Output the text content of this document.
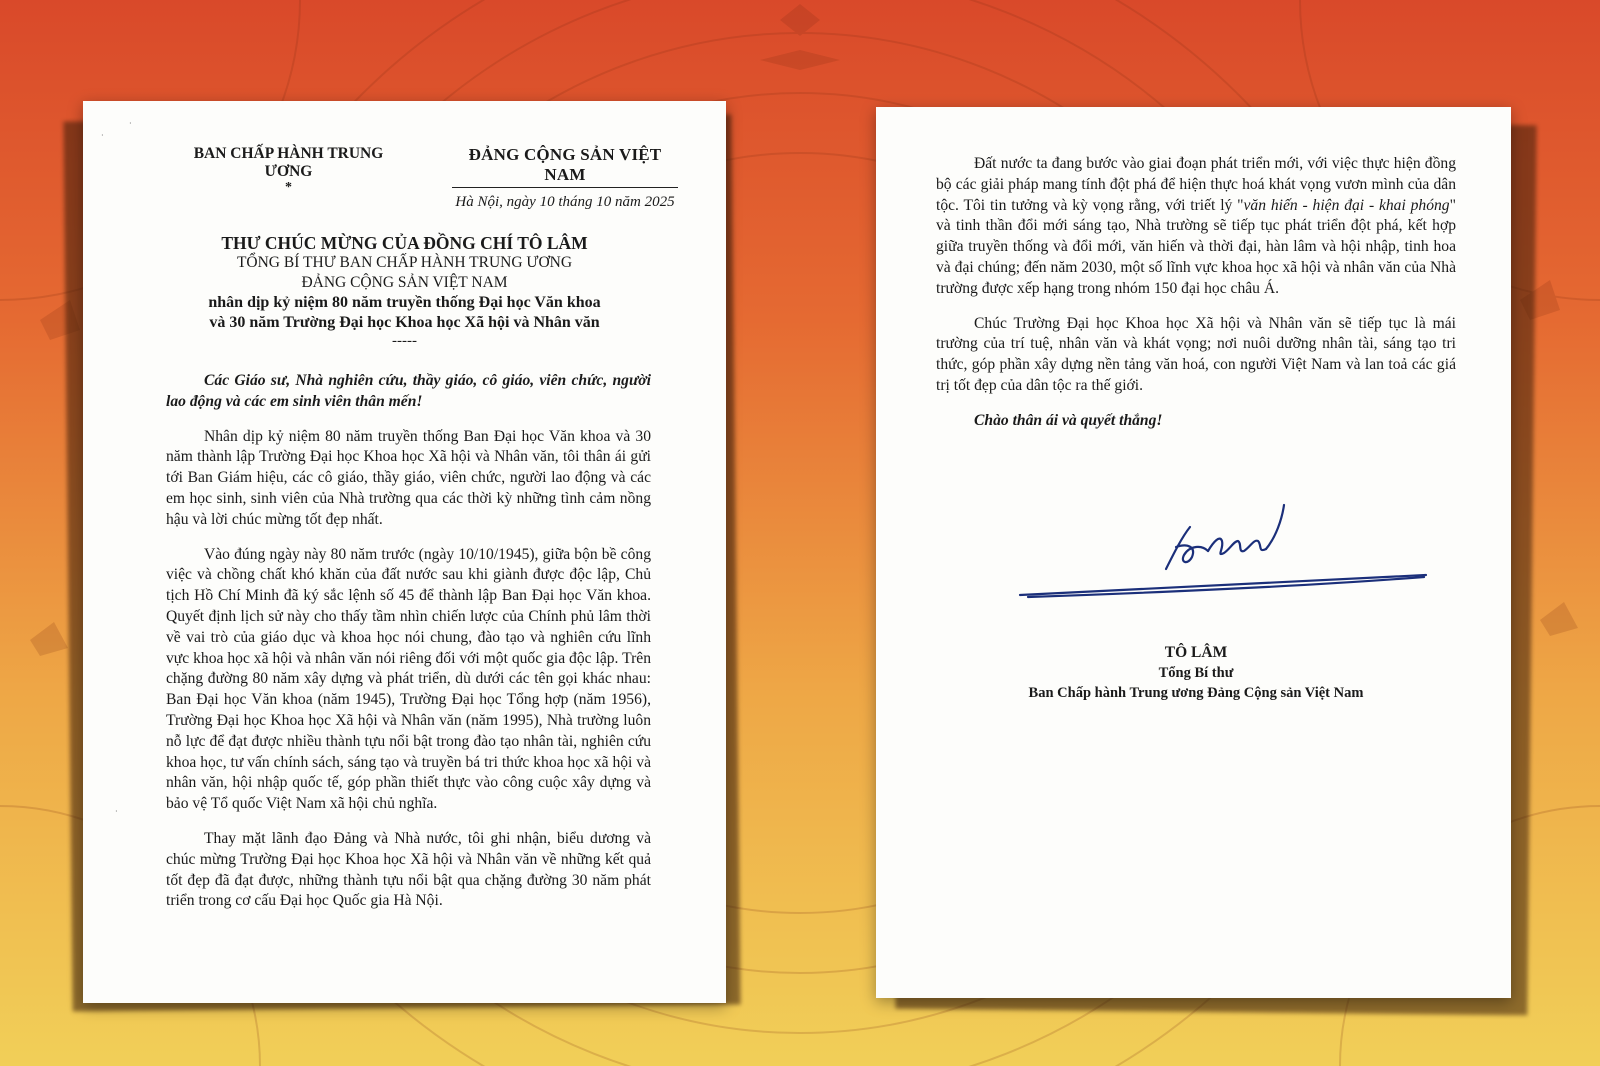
·
·
BAN CHẤP HÀNH TRUNG ƯƠNG
*
ĐẢNG CỘNG SẢN VIỆT NAM
Hà Nội, ngày 10 tháng 10 năm 2025
THƯ CHÚC MỪNG CỦA ĐỒNG CHÍ TÔ LÂM
TỔNG BÍ THƯ BAN CHẤP HÀNH TRUNG ƯƠNG
ĐẢNG CỘNG SẢN VIỆT NAM
nhân dịp kỷ niệm 80 năm truyền thống Đại học Văn khoa
và 30 năm Trường Đại học Khoa học Xã hội và Nhân văn
-----

Các Giáo sư, Nhà nghiên cứu, thầy giáo, cô giáo, viên chức, người lao động và các em sinh viên thân mến!

Nhân dịp kỷ niệm 80 năm truyền thống Ban Đại học Văn khoa và 30 năm thành lập Trường Đại học Khoa học Xã hội và Nhân văn, tôi thân ái gửi tới Ban Giám hiệu, các cô giáo, thầy giáo, viên chức, người lao động và các em học sinh, sinh viên của Nhà trường qua các thời kỳ những tình cảm nồng hậu và lời chúc mừng tốt đẹp nhất.

Vào đúng ngày này 80 năm trước (ngày 10/10/1945), giữa bộn bề công việc và chồng chất khó khăn của đất nước sau khi giành được độc lập, Chủ tịch Hồ Chí Minh đã ký sắc lệnh số 45 để thành lập Ban Đại học Văn khoa. Quyết định lịch sử này cho thấy tầm nhìn chiến lược của Chính phủ lâm thời về vai trò của giáo dục và khoa học nói chung, đào tạo và nghiên cứu lĩnh vực khoa học xã hội và nhân văn nói riêng đối với một quốc gia độc lập. Trên chặng đường 80 năm xây dựng và phát triển, dù dưới các tên gọi khác nhau: Ban Đại học Văn khoa (năm 1945), Trường Đại học Tổng hợp (năm 1956), Trường Đại học Khoa học Xã hội và Nhân văn (năm 1995), Nhà trường luôn nỗ lực để đạt được nhiều thành tựu nổi bật trong đào tạo nhân tài, nghiên cứu khoa học, tư vấn chính sách, sáng tạo và truyền bá tri thức khoa học xã hội và nhân văn, hội nhập quốc tế, góp phần thiết thực vào công cuộc xây dựng và bảo vệ Tổ quốc Việt Nam xã hội chủ nghĩa.

Thay mặt lãnh đạo Đảng và Nhà nước, tôi ghi nhận, biểu dương và chúc mừng Trường Đại học Khoa học Xã hội và Nhân văn về những kết quả tốt đẹp đã đạt được, những thành tựu nổi bật qua chặng đường 30 năm phát triển trong cơ cấu Đại học Quốc gia Hà Nội.

·

Đất nước ta đang bước vào giai đoạn phát triển mới, với việc thực hiện đồng bộ các giải pháp mang tính đột phá để hiện thực hoá khát vọng vươn mình của dân tộc. Tôi tin tưởng và kỳ vọng rằng, với triết lý "văn hiến - hiện đại - khai phóng" và tinh thần đổi mới sáng tạo, Nhà trường sẽ tiếp tục phát triển đột phá, kết hợp giữa truyền thống và đổi mới, văn hiến và thời đại, hàn lâm và hội nhập, tinh hoa và đại chúng; đến năm 2030, một số lĩnh vực khoa học xã hội và nhân văn của Nhà trường được xếp hạng trong nhóm 150 đại học châu Á.

Chúc Trường Đại học Khoa học Xã hội và Nhân văn sẽ tiếp tục là mái trường của trí tuệ, nhân văn và khát vọng; nơi nuôi dưỡng nhân tài, sáng tạo tri thức, góp phần xây dựng nền tảng văn hoá, con người Việt Nam và lan toả các giá trị tốt đẹp của dân tộc ra thế giới.

Chào thân ái và quyết thắng!

TÔ LÂM
Tổng Bí thư
Ban Chấp hành Trung ương Đảng Cộng sản Việt Nam
